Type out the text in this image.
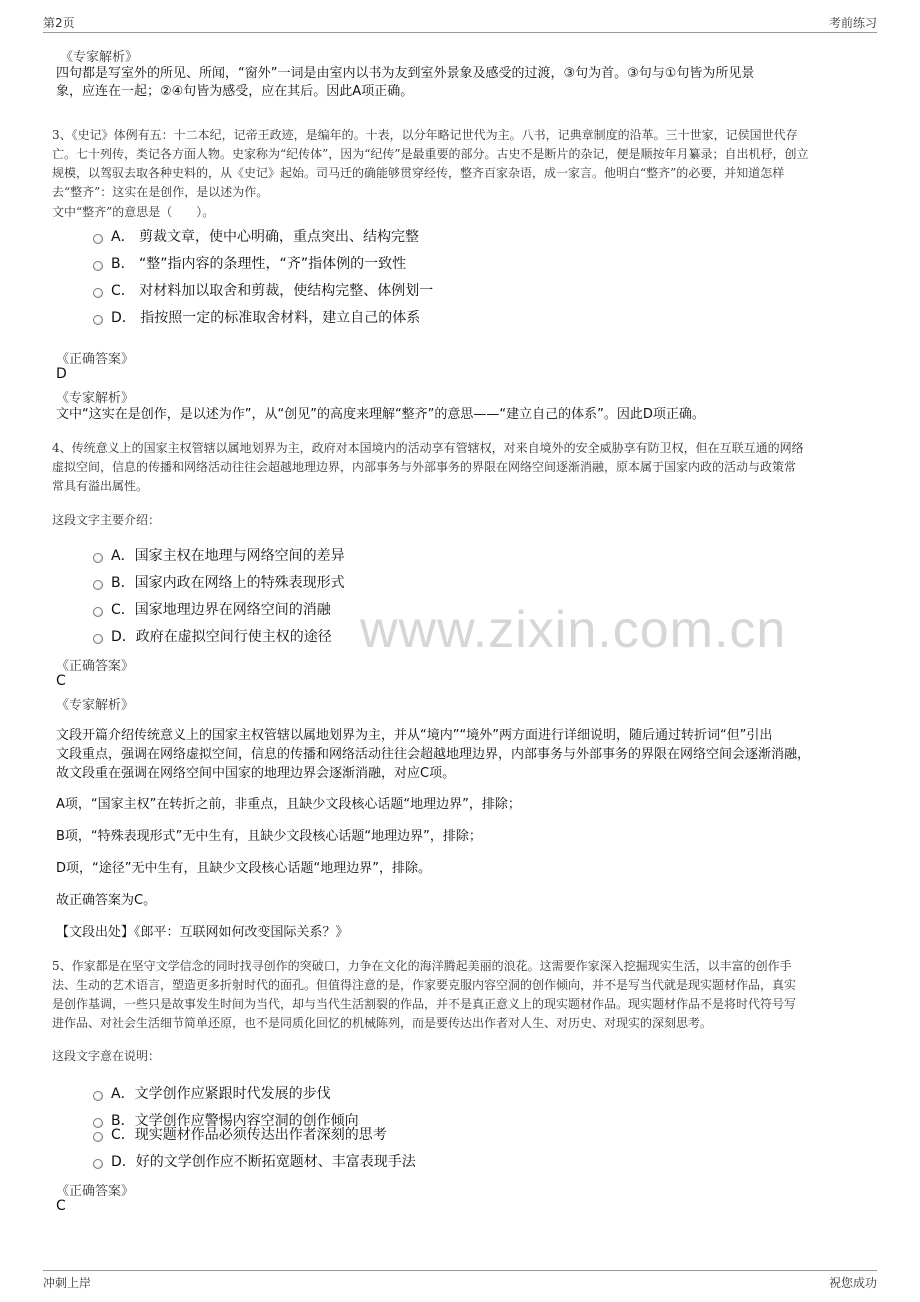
第2页	考前练习
www.zixin.com.cn
《专家解析》
四句都是写室外的所见、所闻，“窗外”一词是由室内以书为友到室外景象及感受的过渡，③句为首。③句与①句皆为所见景
象，应连在一起；②④句皆为感受，应在其后。因此A项正确。

3、《史记》体例有五：十二本纪，记帝王政迹，是编年的。十表，以分年略记世代为主。八书，记典章制度的沿革。三十世家，记侯国世代存

亡。七十列传，类记各方面人物。史家称为“纪传体”，因为“纪传”是最重要的部分。古史不是断片的杂记，便是顺按年月纂录；自出机杼，创立

规模，以驾驭去取各种史料的，从《史记》起始。司马迁的确能够贯穿经传，整齐百家杂语，成一家言。他明白“整齐”的必要，并知道怎样

去“整齐”：这实在是创作，是以述为作。

文中“整齐”的意思是（　　）。
A． 剪裁文章，使中心明确，重点突出、结构完整
B． “整”指内容的条理性，“齐”指体例的一致性
C． 对材料加以取舍和剪裁，使结构完整、体例划一
D． 指按照一定的标准取舍材料，建立自己的体系
《正确答案》
D
《专家解析》
文中“这实在是创作，是以述为作”，从“创见”的高度来理解“整齐”的意思——“建立自己的体系”。因此D项正确。

4、传统意义上的国家主权管辖以属地划界为主，政府对本国境内的活动享有管辖权，对来自境外的安全威胁享有防卫权，但在互联互通的网络

虚拟空间，信息的传播和网络活动往往会超越地理边界，内部事务与外部事务的界限在网络空间逐渐消融，原本属于国家内政的活动与政策常

常具有溢出属性。

这段文字主要介绍：
A．国家主权在地理与网络空间的差异
B．国家内政在网络上的特殊表现形式
C．国家地理边界在网络空间的消融
D．政府在虚拟空间行使主权的途径
《正确答案》
C
《专家解析》
文段开篇介绍传统意义上的国家主权管辖以属地划界为主，并从“境内”“境外”两方面进行详细说明，随后通过转折词“但”引出
文段重点，强调在网络虚拟空间，信息的传播和网络活动往往会超越地理边界，内部事务与外部事务的界限在网络空间会逐渐消融，
故文段重在强调在网络空间中国家的地理边界会逐渐消融，对应C项。
A项，“国家主权”在转折之前，非重点，且缺少文段核心话题“地理边界”，排除；
B项，“特殊表现形式”无中生有，且缺少文段核心话题“地理边界”，排除；
D项，“途径”无中生有，且缺少文段核心话题“地理边界”，排除。
故正确答案为C。
【文段出处】《郎平：互联网如何改变国际关系？》

5、作家都是在坚守文学信念的同时找寻创作的突破口，力争在文化的海洋腾起美丽的浪花。这需要作家深入挖掘现实生活，以丰富的创作手

法、生动的艺术语言，塑造更多折射时代的面孔。但值得注意的是，作家要克服内容空洞的创作倾向，并不是写当代就是现实题材作品，真实

是创作基调，一些只是故事发生时间为当代，却与当代生活割裂的作品，并不是真正意义上的现实题材作品。现实题材作品不是将时代符号写

进作品、对社会生活细节简单还原，也不是同质化回忆的机械陈列，而是要传达出作者对人生、对历史、对现实的深刻思考。

这段文字意在说明：
A．文学创作应紧跟时代发展的步伐
B．文学创作应警惕内容空洞的创作倾向
C．现实题材作品必须传达出作者深刻的思考
D．好的文学创作应不断拓宽题材、丰富表现手法
《正确答案》
C
冲刺上岸	祝您成功
